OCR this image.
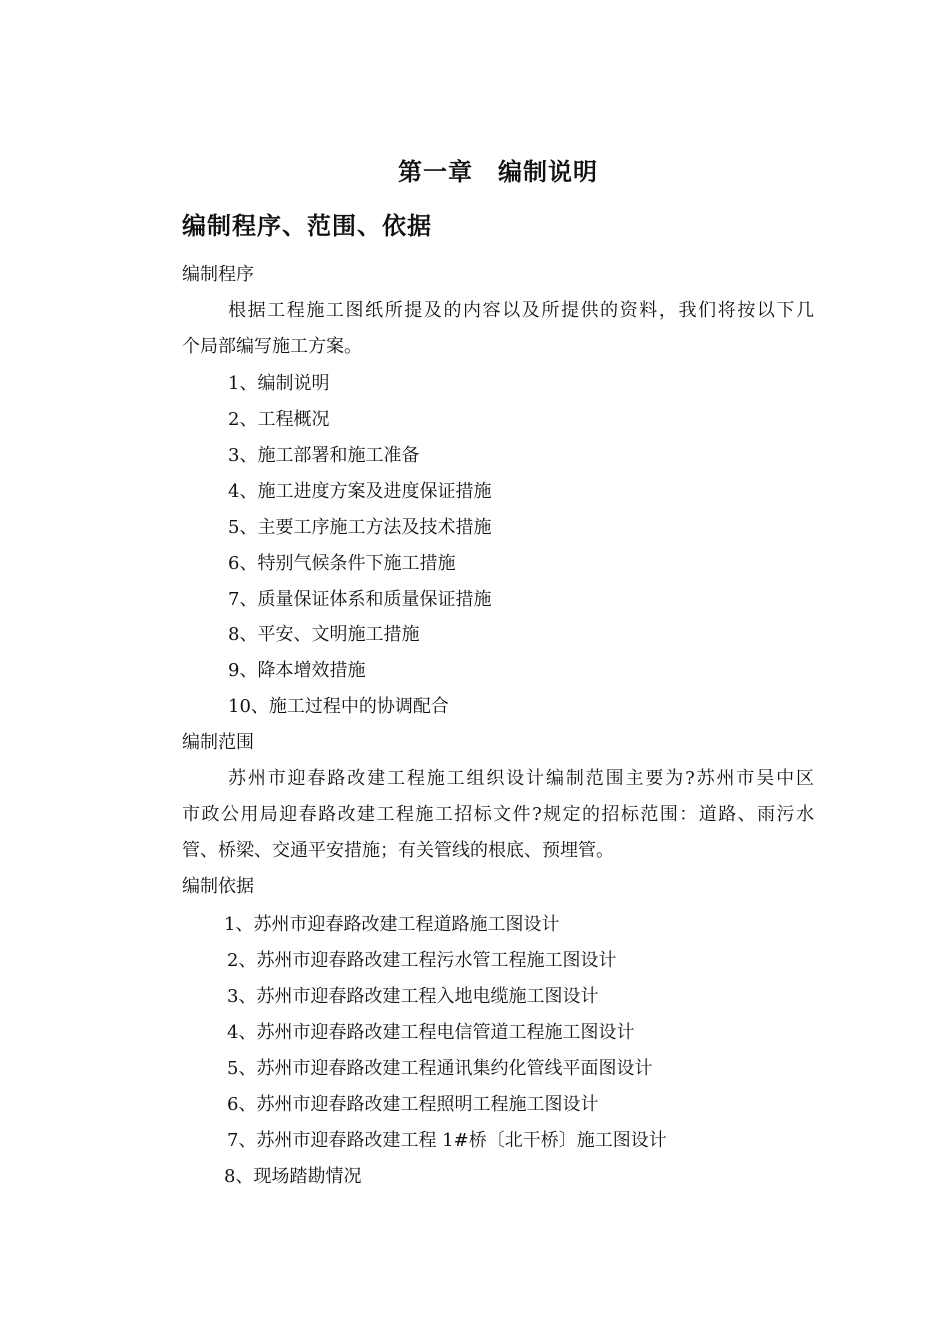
第一章　编制说明
编制程序、范围、依据
编制程序
根据工程施工图纸所提及的内容以及所提供的资料，我们将按以下几
个局部编写施工方案。
1、编制说明
2、工程概况
3、施工部署和施工准备
4、施工进度方案及进度保证措施
5、主要工序施工方法及技术措施
6、特别气候条件下施工措施
7、质量保证体系和质量保证措施
8、平安、文明施工措施
9、降本增效措施
10、施工过程中的协调配合
编制范围
苏州市迎春路改建工程施工组织设计编制范围主要为?苏州市吴中区
市政公用局迎春路改建工程施工招标文件?规定的招标范围：道路、雨污水
管、桥梁、交通平安措施；有关管线的根底、预埋管。
编制依据
1、苏州市迎春路改建工程道路施工图设计
2、苏州市迎春路改建工程污水管工程施工图设计
3、苏州市迎春路改建工程入地电缆施工图设计
4、苏州市迎春路改建工程电信管道工程施工图设计
5、苏州市迎春路改建工程通讯集约化管线平面图设计
6、苏州市迎春路改建工程照明工程施工图设计
7、苏州市迎春路改建工程 1#桥〔北干桥〕施工图设计
8、现场踏勘情况
